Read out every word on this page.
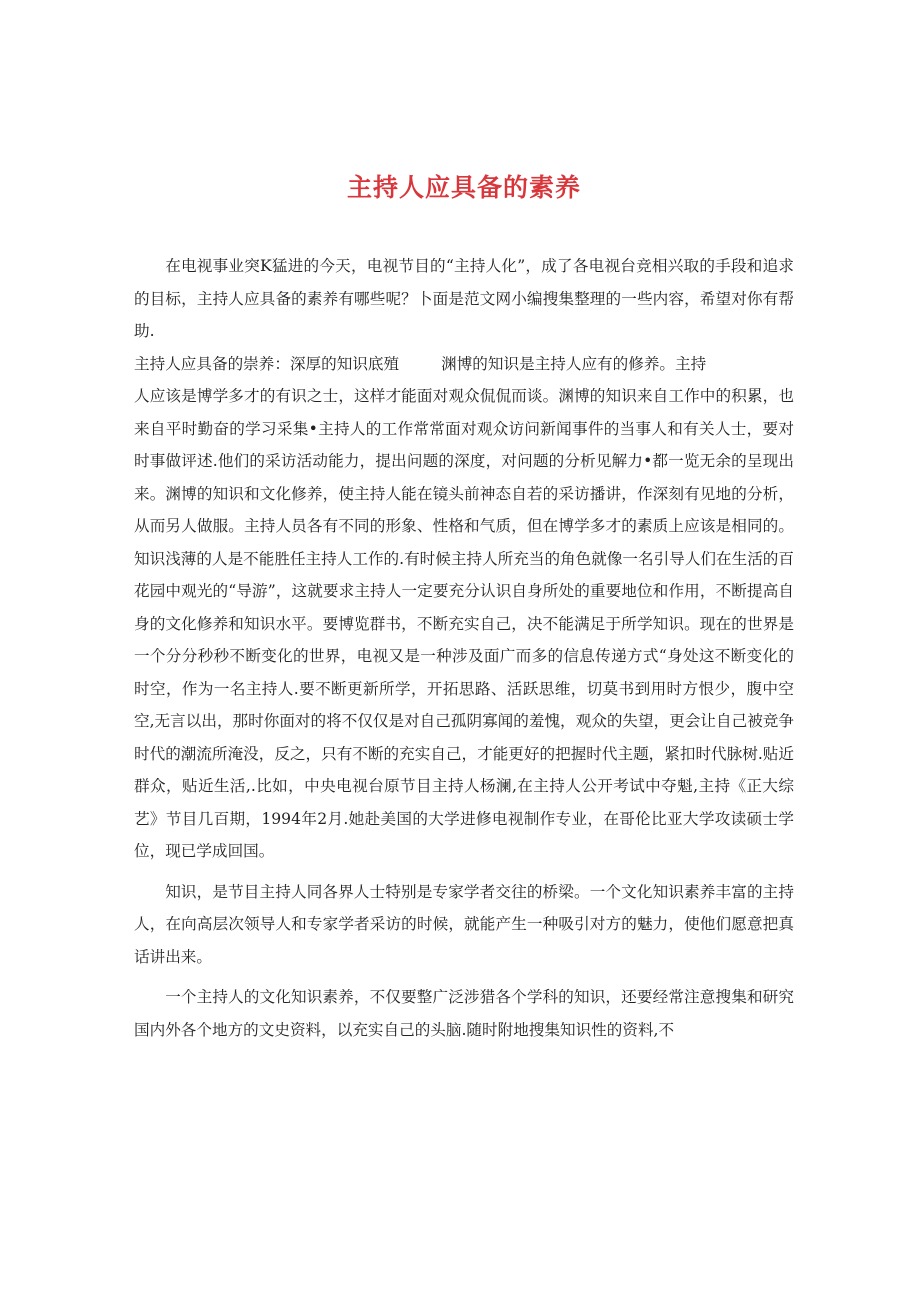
主持人应具备的素养

在电视事业突K猛进的今天，电视节目的“主持人化”，成了各电视台竞相兴取的手段和追求的目标，主持人应具备的素养有哪些呢？卜面是范文网小编搜集整理的一些内容，希望对你有帮助.

主持人应具备的崇养：深厚的知识底殖	渊博的知识是主持人应有的修养。主持

人应该是博学多才的有识之士，这样才能面对观众侃侃而谈。渊博的知识来自工作中的积累，也来自平时勤奋的学习采集•主持人的工作常常面对观众访问新闻事件的当事人和有关人士，要对时事做评述.他们的采访活动能力，提出问题的深度，对问题的分析见解力•都一览无余的呈现出来。渊博的知识和文化修养，使主持人能在镜头前神态自若的采访播讲，作深刻有见地的分析，从而另人做服。主持人员各有不同的形象、性格和气质，但在博学多才的素质上应该是相同的。知识浅薄的人是不能胜任主持人工作的.有时候主持人所充当的角色就像一名引导人们在生活的百花园中观光的“导游”，这就要求主持人一定要充分认识自身所处的重要地位和作用，不断提高自身的文化修养和知识水平。要博览群书，不断充实自己，决不能满足于所学知识。现在的世界是一个分分秒秒不断变化的世界，电视又是一种涉及面广而多的信息传递方式“身处这不断变化的时空，作为一名主持人.要不断更新所学，开拓思路、活跃思维，切莫书到用时方恨少，腹中空空,无言以出，那时你面对的将不仅仅是对自己孤阴寡闻的羞愧，观众的失望，更会让自己被竞争时代的潮流所淹没，反之，只有不断的充实自己，才能更好的把握时代主题，紧扣时代脉树.贴近群众，贴近生活,.比如，中央电视台原节目主持人杨澜,在主持人公开考试中夺魁,主持《正大综艺》节目几百期，1994年2月.她赴美国的大学进修电视制作专业，在哥伦比亚大学攻读硕士学位，现已学成回国。

知识，是节目主持人同各界人士特别是专家学者交往的桥梁。一个文化知识素养丰富的主持人，在向高层次领导人和专家学者采访的时候，就能产生一种吸引对方的魅力，使他们愿意把真话讲出来。

一个主持人的文化知识素养，不仅要整广泛涉猎各个学科的知识，还要经常注意搜集和研究国内外各个地方的文史资料，以充实自己的头脑.随时附地搜集知识性的资料,不
